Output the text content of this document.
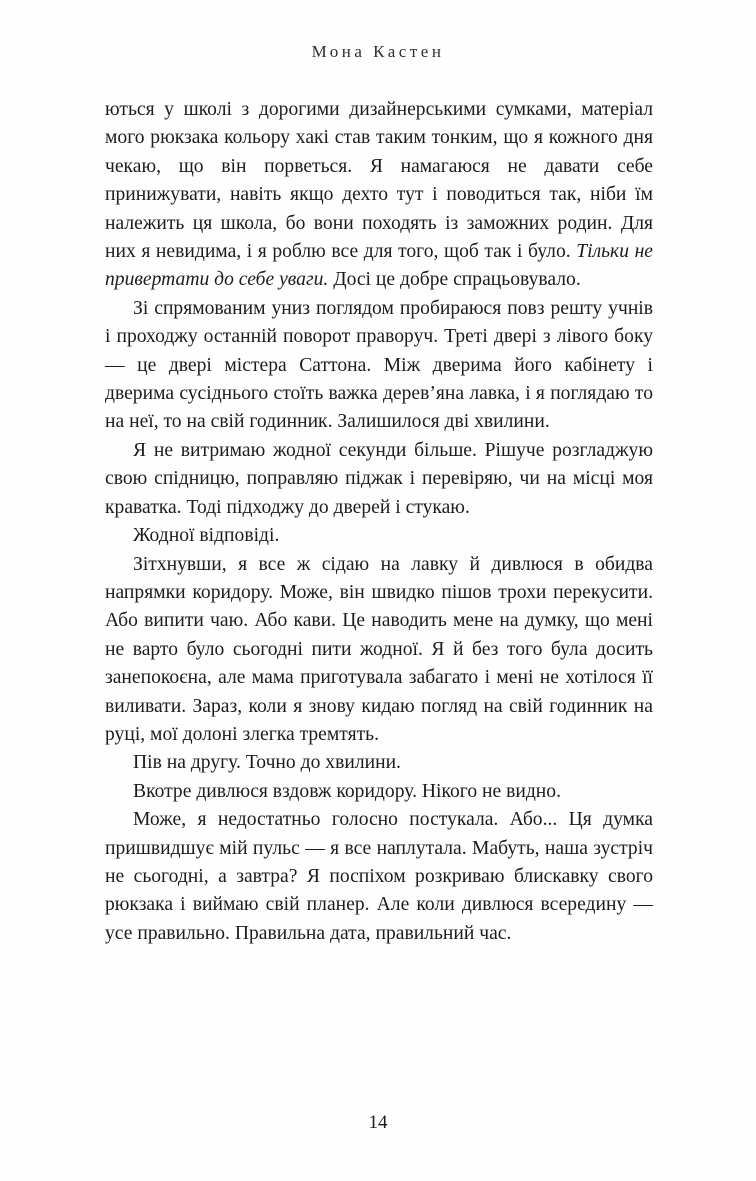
Мона Кастен

ються у школі з дорогими дизайнерськими сумками, матеріал мого рюкзака кольору хакі став таким тонким, що я кожного дня чекаю, що він порветься. Я намагаюся не давати себе принижувати, навіть якщо дехто тут і поводиться так, ніби їм належить ця школа, бо вони походять із заможних родин. Для них я невидима, і я роблю все для того, щоб так і було. Тільки не привертати до себе уваги. Досі це добре спрацьовувало.

Зі спрямованим униз поглядом пробираюся повз решту учнів і проходжу останній поворот праворуч. Треті двері з лівого боку — це двері містера Саттона. Між дверима його кабінету і дверима сусіднього стоїть важка дерев’яна лавка, і я поглядаю то на неї, то на свій годинник. Залишилося дві хвилини.

Я не витримаю жодної секунди більше. Рішуче розгладжую свою спідницю, поправляю піджак і перевіряю, чи на місці моя краватка. Тоді підходжу до дверей і стукаю.

Жодної відповіді.

Зітхнувши, я все ж сідаю на лавку й дивлюся в обидва напрямки коридору. Може, він швидко пішов трохи перекусити. Або випити чаю. Або кави. Це наводить мене на думку, що мені не варто було сьогодні пити жодної. Я й без того була досить занепокоєна, але мама приготувала забагато і мені не хотілося її виливати. Зараз, коли я знову кидаю погляд на свій годинник на руці, мої долоні злегка тремтять.

Пів на другу. Точно до хвилини.

Вкотре дивлюся вздовж коридору. Нікого не видно.

Може, я недостатньо голосно постукала. Або... Ця думка пришвидшує мій пульс — я все наплутала. Мабуть, наша зустріч не сьогодні, а завтра? Я поспіхом розкриваю блискавку свого рюкзака і виймаю свій планер. Але коли дивлюся всередину — усе правильно. Правильна дата, правильний час.

14
